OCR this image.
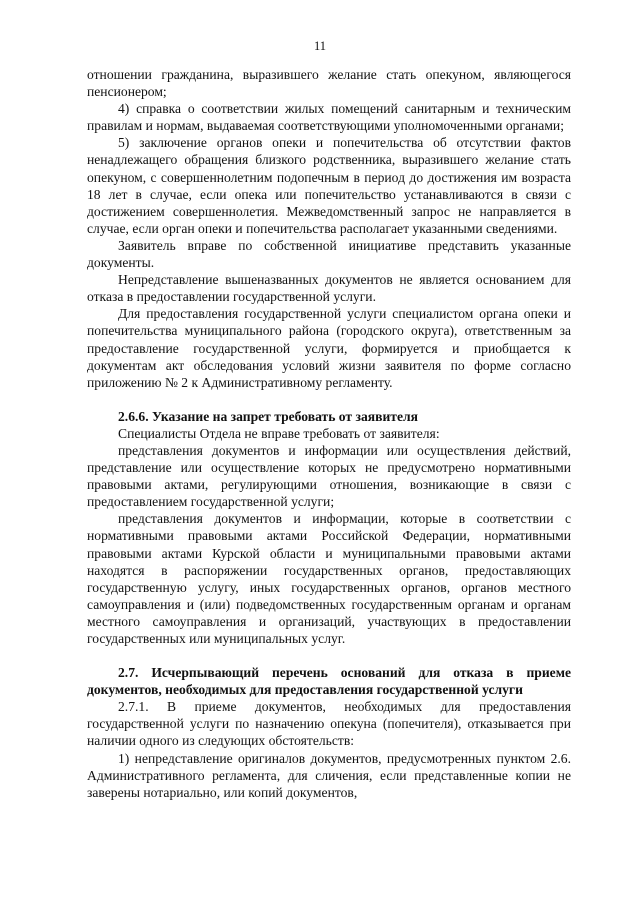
11

отношении гражданина, выразившего желание стать опекуном, являющегося пенсионером;

4) справка о соответствии жилых помещений санитарным и техническим правилам и нормам, выдаваемая соответствующими уполномоченными органами;

5) заключение органов опеки и попечительства об отсутствии фактов ненадлежащего обращения близкого родственника, выразившего желание стать опекуном, с совершеннолетним подопечным в период до достижения им возраста 18 лет в случае, если опека или попечительство устанавливаются в связи с достижением совершеннолетия. Межведомственный запрос не направляется в случае, если орган опеки и попечительства располагает указанными сведениями.

Заявитель вправе по собственной инициативе представить указанные документы.

Непредставление вышеназванных документов не является основанием для отказа в предоставлении государственной услуги.

Для предоставления государственной услуги специалистом органа опеки и попечительства муниципального района (городского округа), ответственным за предоставление государственной услуги, формируется и приобщается к документам акт обследования условий жизни заявителя по форме согласно приложению № 2 к Административному регламенту.

2.6.6. Указание на запрет требовать от заявителя

Специалисты Отдела не вправе требовать от заявителя:

представления документов и информации или осуществления действий, представление или осуществление которых не предусмотрено нормативными правовыми актами, регулирующими отношения, возникающие в связи с предоставлением государственной услуги;

представления документов и информации, которые в соответствии с нормативными правовыми актами Российской Федерации, нормативными правовыми актами Курской области и муниципальными правовыми актами находятся в распоряжении государственных органов, предоставляющих государственную услугу, иных государственных органов, органов местного самоуправления и (или) подведомственных государственным органам и органам местного самоуправления и организаций, участвующих в предоставлении государственных или муниципальных услуг.

2.7. Исчерпывающий перечень оснований для отказа в приеме документов, необходимых для предоставления государственной услуги

2.7.1. В приеме документов, необходимых для предоставления государственной услуги по назначению опекуна (попечителя), отказывается при наличии одного из следующих обстоятельств:

1) непредставление оригиналов документов, предусмотренных пунктом 2.6. Административного регламента, для сличения, если представленные копии не заверены нотариально, или копий документов,
